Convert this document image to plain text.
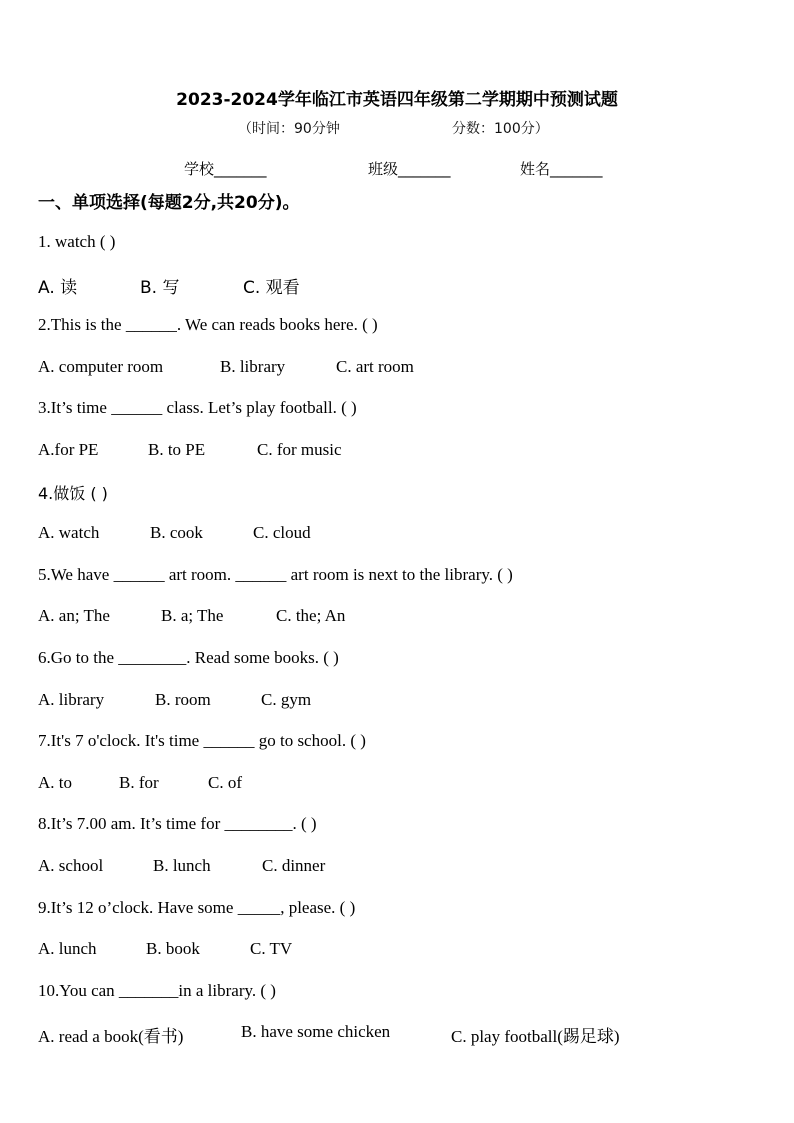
2023-2024学年临江市英语四年级第二学期期中预测试题
（时间：90分钟	分数：100分）
学校_______	班级_______	姓名_______
一、单项选择(每题2分,共20分)。
1. watch ( )
A. 读	B. 写	C. 观看
2.This is the ______. We can reads books here. ( )
A. computer room	B. library	C. art room
3.It’s time ______ class. Let’s play football. ( )
A.for PE	B. to PE	C. for music
4.做饭 ( )
A. watch	B. cook	C. cloud
5.We have ______ art room. ______ art room is next to the library. ( )
A. an; The	B. a; The	C. the; An
6.Go to the ________. Read some books. ( )
A. library	B. room	C. gym
7.It's 7 o'clock. It's time ______ go to school. ( )
A. to	B. for	C. of
8.It’s 7.00 am. It’s time for ________. ( )
A. school	B. lunch	C. dinner
9.It’s 12 o’clock. Have some _____, please. ( )
A. lunch	B. book	C. TV
10.You can _______in a library. ( )
A. read a book(看书)	B. have some chicken	C. play football(踢足球)
